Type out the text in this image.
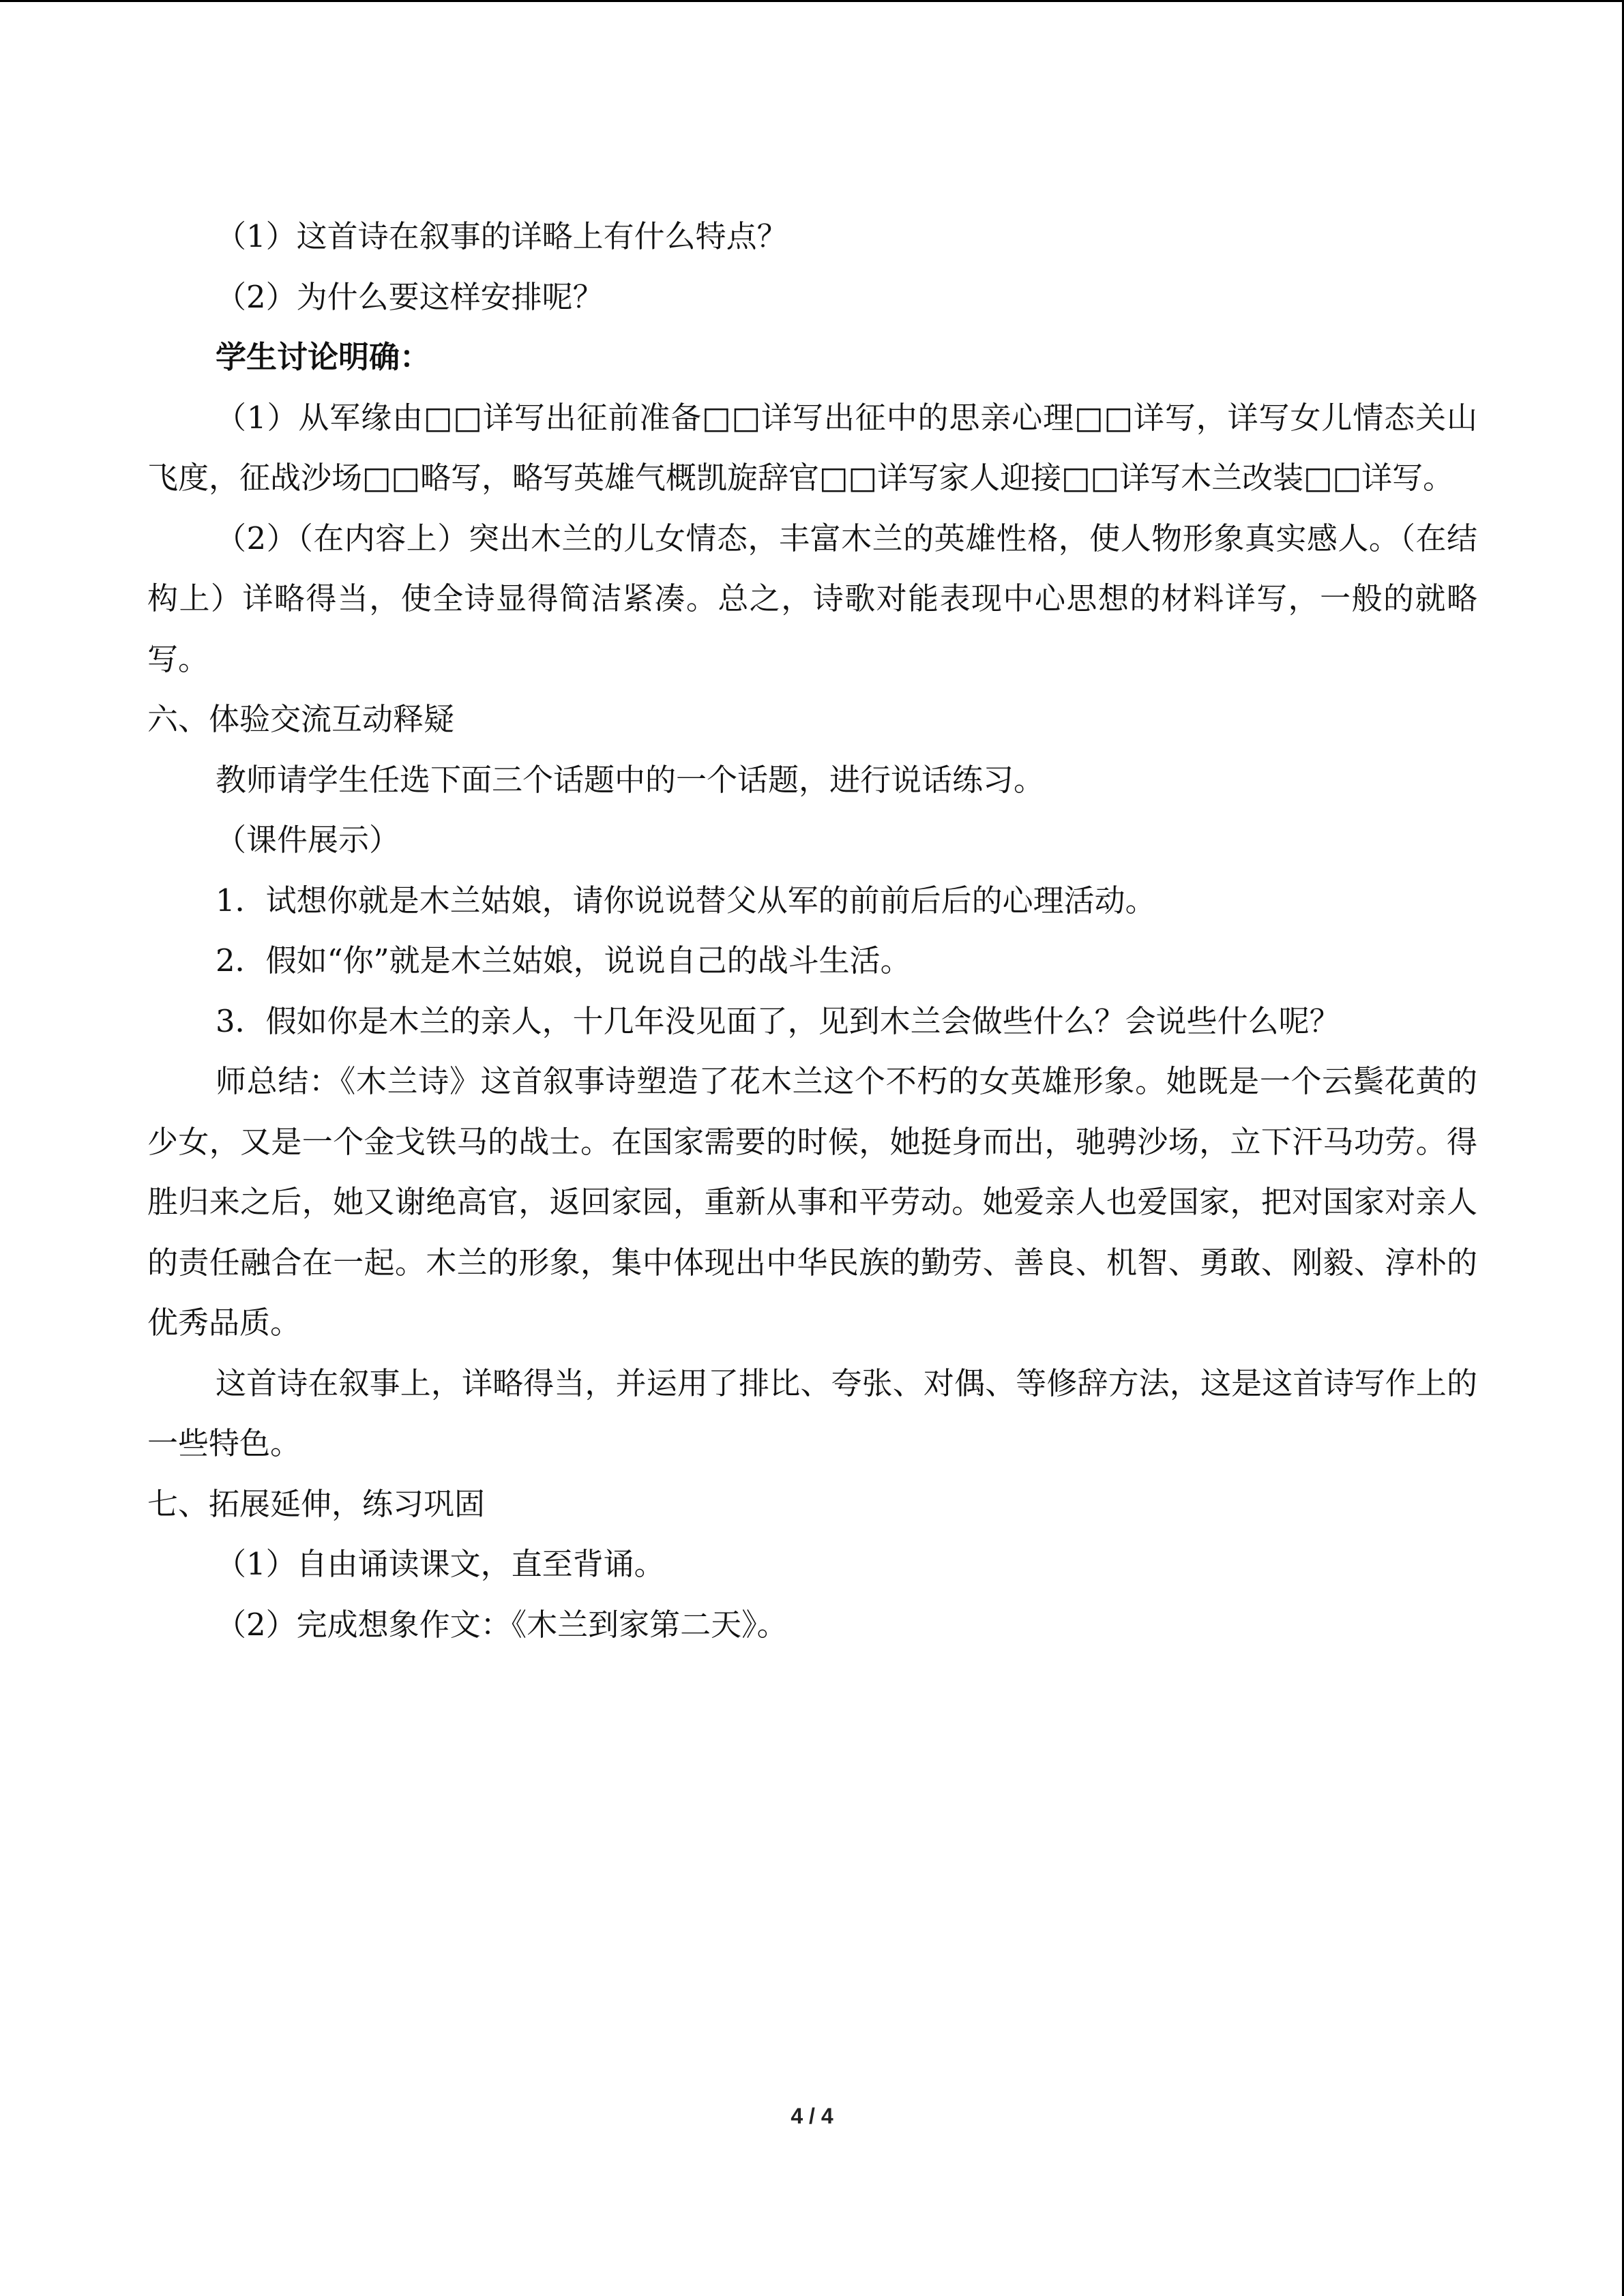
（1）这首诗在叙事的详略上有什么特点？

（2）为什么要这样安排呢？

学生讨论明确：

（1）从军缘由□□详写出征前准备□□详写出征中的思亲心理□□详写，详写女儿情态关山飞度，征战沙场□□略写，略写英雄气概凯旋辞官□□详写家人迎接□□详写木兰改装□□详写。

（2）（在内容上）突出木兰的儿女情态，丰富木兰的英雄性格，使人物形象真实感人。（在结构上）详略得当，使全诗显得简洁紧凑。总之，诗歌对能表现中心思想的材料详写，一般的就略写。

六、体验交流互动释疑

教师请学生任选下面三个话题中的一个话题，进行说话练习。

（课件展示）

1．试想你就是木兰姑娘，请你说说替父从军的前前后后的心理活动。

2．假如“你”就是木兰姑娘，说说自己的战斗生活。

3．假如你是木兰的亲人，十几年没见面了，见到木兰会做些什么？会说些什么呢？

师总结：《木兰诗》这首叙事诗塑造了花木兰这个不朽的女英雄形象。她既是一个云鬓花黄的少女，又是一个金戈铁马的战士。在国家需要的时候，她挺身而出，驰骋沙场，立下汗马功劳。得胜归来之后，她又谢绝高官，返回家园，重新从事和平劳动。她爱亲人也爱国家，把对国家对亲人的责任融合在一起。木兰的形象，集中体现出中华民族的勤劳、善良、机智、勇敢、刚毅、淳朴的优秀品质。

这首诗在叙事上，详略得当，并运用了排比、夸张、对偶、等修辞方法，这是这首诗写作上的一些特色。

七、拓展延伸，练习巩固

（1）自由诵读课文，直至背诵。

（2）完成想象作文：《木兰到家第二天》。

4 / 4
